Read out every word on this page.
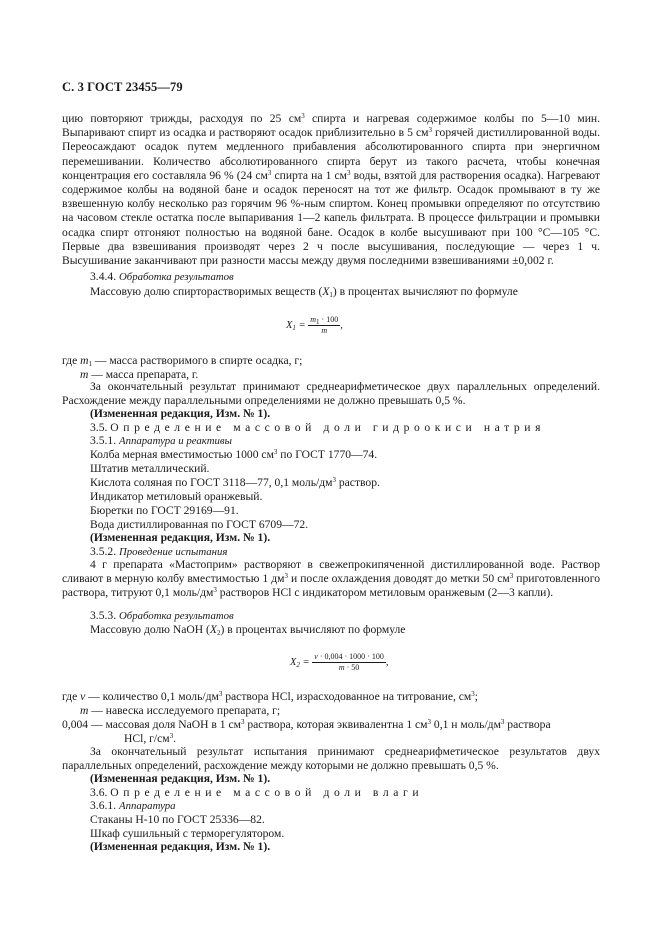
С. 3 ГОСТ 23455—79

цию повторяют трижды, расходуя по 25 $см^3$ спирта и нагревая содержимое колбы по 5—10 мин. Выпаривают спирт из осадка и растворяют осадок приблизительно в 5 $см^3$ горячей дистиллированной воды. Переосаждают осадок путем медленного прибавления абсолютированного спирта при энергичном перемешивании. Количество абсолютированного спирта берут из такого расчета, чтобы конечная концентрация его составляла 96 % (24 $см^3$ спирта на 1 $см^3$ воды, взятой для растворения осадка). Нагревают содержимое колбы на водяной бане и осадок переносят на тот же фильтр. Осадок промывают в ту же взвешенную колбу несколько раз горячим 96 %-ным спиртом. Конец промывки определяют по отсутствию на часовом стекле остатка после выпаривания 1—2 капель фильтрата. В процессе фильтрации и промывки осадка спирт отгоняют полностью на водяной бане. Осадок в колбе высушивают при 100 °С—105 °С. Первые два взвешивания производят через 2 ч после высушивания, последующие — через 1 ч. Высушивание заканчивают при разности массы между двумя последними взвешиваниями ±0,002 г.

3.4.4. Обработка результатов

Массовую долю спирторастворимых веществ $(X_1)$ в процентах вычисляют по формуле

$X_1 = \frac{m_1 \cdot 100}{m}$ ,

где $m_1$ — масса растворимого в спирте осадка, г;

m — масса препарата, г.

За окончательный результат принимают среднеарифметическое двух параллельных определений. Расхождение между параллельными определениями не должно превышать 0,5 %.

(Измененная редакция, Изм. № 1).

3.5. Определение массовой доли гидроокиси натрия

3.5.1. Аппаратура и реактивы

Колба мерная вместимостью 1000 $см^3$ по ГОСТ 1770—74.

Штатив металлический.

Кислота соляная по ГОСТ 3118—77, 0,1 моль/$дм^3$ раствор.

Индикатор метиловый оранжевый.

Бюретки по ГОСТ 29169—91.

Вода дистиллированная по ГОСТ 6709—72.

(Измененная редакция, Изм. № 1).

3.5.2. Проведение испытания

4 г препарата «Мастоприм» растворяют в свежепрокипяченной дистиллированной воде. Раствор сливают в мерную колбу вместимостью 1 $дм^3$ и после охлаждения доводят до метки 50 $см^3$ приготовленного раствора, титруют 0,1 моль/$дм^3$ растворов HCl с индикатором метиловым оранжевым (2—3 капли).

3.5.3. Обработка результатов

Массовую долю NaOH $(X_2)$ в процентах вычисляют по формуле

$X_2 = \frac{v \cdot 0,004 \cdot 1000 \cdot 100}{m \cdot 50}$ ,

где v — количество 0,1 моль/$дм^3$ раствора HCl, израсходованное на титрование, $см^3$;

m — навеска исследуемого препарата, г;

0,004 — массовая доля NaOH в 1 $см^3$ раствора, которая эквивалентна 1 $см^3$ 0,1 н моль/$дм^3$ раствора

HCl, $г/см^3$.

За окончательный результат испытания принимают среднеарифметическое результатов двух параллельных определений, расхождение между которыми не должно превышать 0,5 %.

(Измененная редакция, Изм. № 1).

3.6. Определение массовой доли влаги

3.6.1. Аппаратура

Стаканы Н-10 по ГОСТ 25336—82.

Шкаф сушильный с терморегулятором.

(Измененная редакция, Изм. № 1).
